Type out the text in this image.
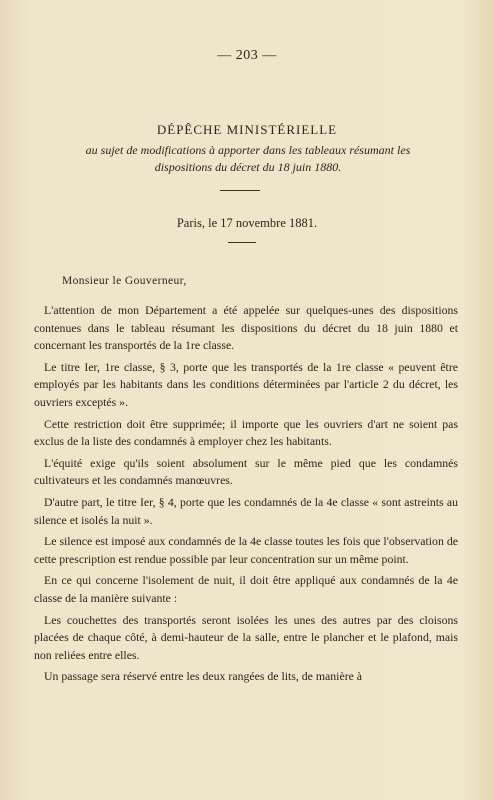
— 203 —
DÉPÊCHE MINISTÉRIELLE
au sujet de modifications à apporter dans les tableaux résumant les dispositions du décret du 18 juin 1880.
Paris, le 17 novembre 1881.
Monsieur le Gouverneur,

L'attention de mon Département a été appelée sur quelques-unes des dispositions contenues dans le tableau résumant les dispositions du décret du 18 juin 1880 et concernant les transportés de la 1re classe.

Le titre Ier, 1re classe, § 3, porte que les transportés de la 1re classe « peuvent être employés par les habitants dans les conditions déterminées par l'article 2 du décret, les ouvriers exceptés ».

Cette restriction doit être supprimée; il importe que les ouvriers d'art ne soient pas exclus de la liste des condamnés à employer chez les habitants.

L'équité exige qu'ils soient absolument sur le même pied que les condamnés cultivateurs et les condamnés manœuvres.

D'autre part, le titre Ier, § 4, porte que les condamnés de la 4e classe « sont astreints au silence et isolés la nuit ».

Le silence est imposé aux condamnés de la 4e classe toutes les fois que l'observation de cette prescription est rendue possible par leur concentration sur un même point.

En ce qui concerne l'isolement de nuit, il doit être appliqué aux condamnés de la 4e classe de la manière suivante :

Les couchettes des transportés seront isolées les unes des autres par des cloisons placées de chaque côté, à demi-hauteur de la salle, entre le plancher et le plafond, mais non reliées entre elles.

Un passage sera réservé entre les deux rangées de lits, de manière à
